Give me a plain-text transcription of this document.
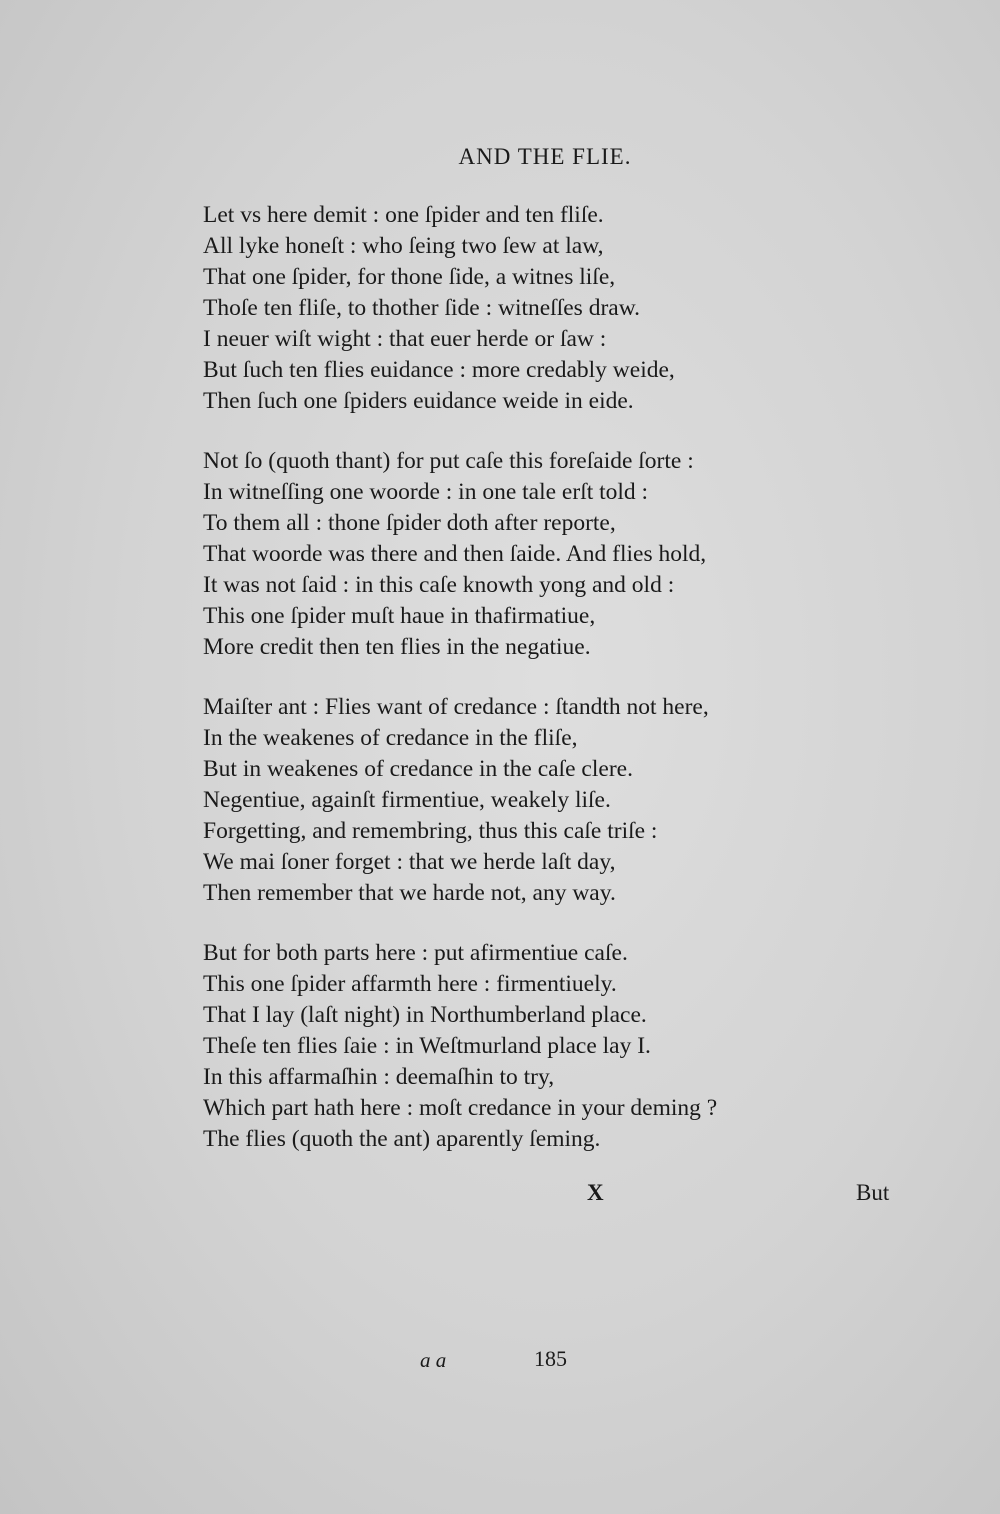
AND THE FLIE.
Let vs here demit : one ſpider and ten fliſe.
All lyke honeſt : who ſeing two ſew at law,
That one ſpider, for thone ſide, a witnes liſe,
Thoſe ten fliſe, to thother ſide : witneſſes draw.
I neuer wiſt wight : that euer herde or ſaw :
But ſuch ten flies euidance : more credably weide,
Then ſuch one ſpiders euidance weide in eide.
Not ſo (quoth thant) for put caſe this foreſaide ſorte :
In witneſſing one woorde : in one tale erſt told :
To them all : thone ſpider doth after reporte,
That woorde was there and then ſaide. And flies hold,
It was not ſaid : in this caſe knowth yong and old :
This one ſpider muſt haue in thafirmatiue,
More credit then ten flies in the negatiue.
Maiſter ant : Flies want of credance : ſtandth not here,
In the weakenes of credance in the fliſe,
But in weakenes of credance in the caſe clere.
Negentiue, againſt firmentiue, weakely liſe.
Forgetting, and remembring, thus this caſe triſe :
We mai ſoner forget : that we herde laſt day,
Then remember that we harde not, any way.
But for both parts here : put afirmentiue caſe.
This one ſpider affarmth here : firmentiuely.
That I lay (laſt night) in Northumberland place.
Theſe ten flies ſaie : in Weſtmurland place lay I.
In this affarmaſhin : deemaſhin to try,
Which part hath here : moſt credance in your deming ?
The flies (quoth the ant) aparently ſeming.
X	But
a a	185
